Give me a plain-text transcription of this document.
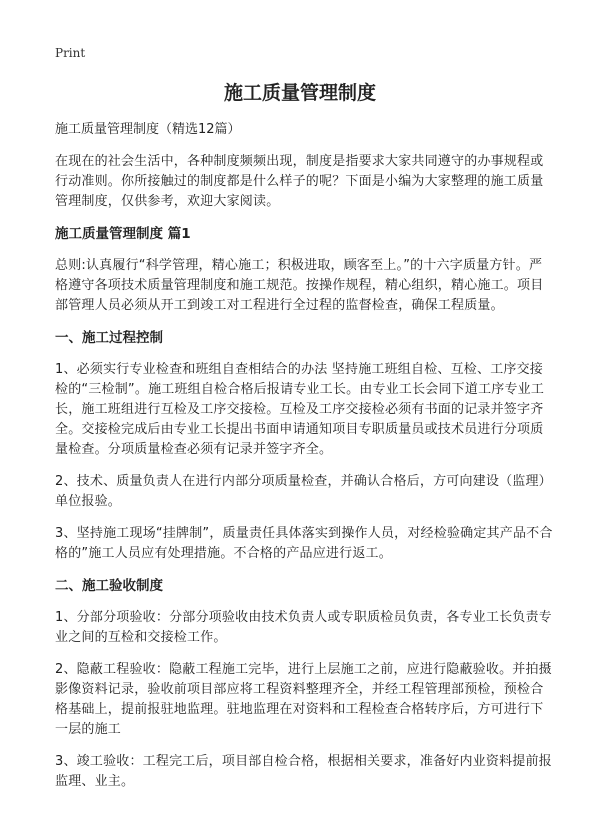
Print
施工质量管理制度

施工质量管理制度（精选12篇）

在现在的社会生活中，各种制度频频出现，制度是指要求大家共同遵守的办事规程或行动准则。你所接触过的制度都是什么样子的呢？下面是小编为大家整理的施工质量管理制度，仅供参考，欢迎大家阅读。

施工质量管理制度 篇1

总则:认真履行“科学管理，精心施工；积极进取，顾客至上。”的十六字质量方针。严格遵守各项技术质量管理制度和施工规范。按操作规程，精心组织，精心施工。项目部管理人员必须从开工到竣工对工程进行全过程的监督检查，确保工程质量。

一、施工过程控制

1、必须实行专业检查和班组自查相结合的办法 坚持施工班组自检、互检、工序交接检的“三检制”。施工班组自检合格后报请专业工长。由专业工长会同下道工序专业工长，施工班组进行互检及工序交接检。互检及工序交接检必须有书面的记录并签字齐全。交接检完成后由专业工长提出书面申请通知项目专职质量员或技术员进行分项质量检查。分项质量检查必须有记录并签字齐全。

2、技术、质量负责人在进行内部分项质量检查，并确认合格后，方可向建设（监理）单位报验。

3、坚持施工现场“挂牌制”，质量责任具体落实到操作人员，对经检验确定其产品不合格的”施工人员应有处理措施。不合格的产品应进行返工。

二、施工验收制度

1、分部分项验收：分部分项验收由技术负责人或专职质检员负责，各专业工长负责专业之间的互检和交接检工作。

2、隐蔽工程验收：隐蔽工程施工完毕，进行上层施工之前，应进行隐蔽验收。并拍摄影像资料记录，验收前项目部应将工程资料整理齐全，并经工程管理部预检，预检合格基础上，提前报驻地监理。驻地监理在对资料和工程检查合格转序后，方可进行下一层的施工

3、竣工验收：工程完工后，项目部自检合格，根据相关要求，准备好内业资料提前报监理、业主。
